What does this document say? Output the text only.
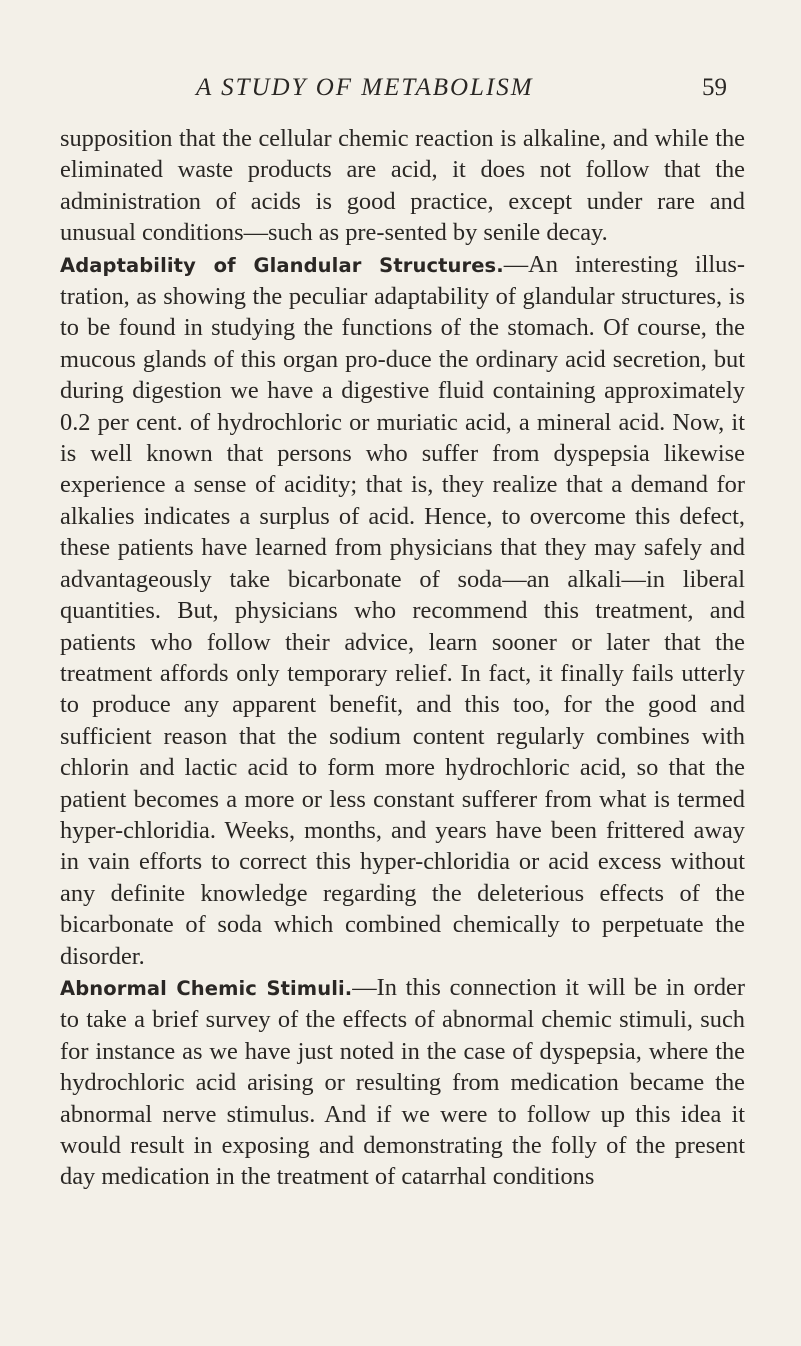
A STUDY OF METABOLISM	59

supposition that the cellular chemic reaction is alkaline, and while the eliminated waste products are acid, it does not follow that the administration of acids is good practice, except under rare and unusual conditions—such as pre-sented by senile decay.

Adaptability of Glandular Structures.—An interesting illus-tration, as showing the peculiar adaptability of glandular structures, is to be found in studying the functions of the stomach. Of course, the mucous glands of this organ pro-duce the ordinary acid secretion, but during digestion we have a digestive fluid containing approximately 0.2 per cent. of hydrochloric or muriatic acid, a mineral acid. Now, it is well known that persons who suffer from dyspepsia likewise experience a sense of acidity; that is, they realize that a demand for alkalies indicates a surplus of acid. Hence, to overcome this defect, these patients have learned from physicians that they may safely and advantageously take bicarbonate of soda—an alkali—in liberal quantities. But, physicians who recommend this treatment, and patients who follow their advice, learn sooner or later that the treatment affords only temporary relief. In fact, it finally fails utterly to produce any apparent benefit, and this too, for the good and sufficient reason that the sodium content regularly combines with chlorin and lactic acid to form more hydrochloric acid, so that the patient becomes a more or less constant sufferer from what is termed hyper-chloridia. Weeks, months, and years have been frittered away in vain efforts to correct this hyper-chloridia or acid excess without any definite knowledge regarding the deleterious effects of the bicarbonate of soda which combined chemically to perpetuate the disorder.

Abnormal Chemic Stimuli.—In this connection it will be in order to take a brief survey of the effects of abnormal chemic stimuli, such for instance as we have just noted in the case of dyspepsia, where the hydrochloric acid arising or resulting from medication became the abnormal nerve stimulus. And if we were to follow up this idea it would result in exposing and demonstrating the folly of the present day medication in the treatment of catarrhal conditions
